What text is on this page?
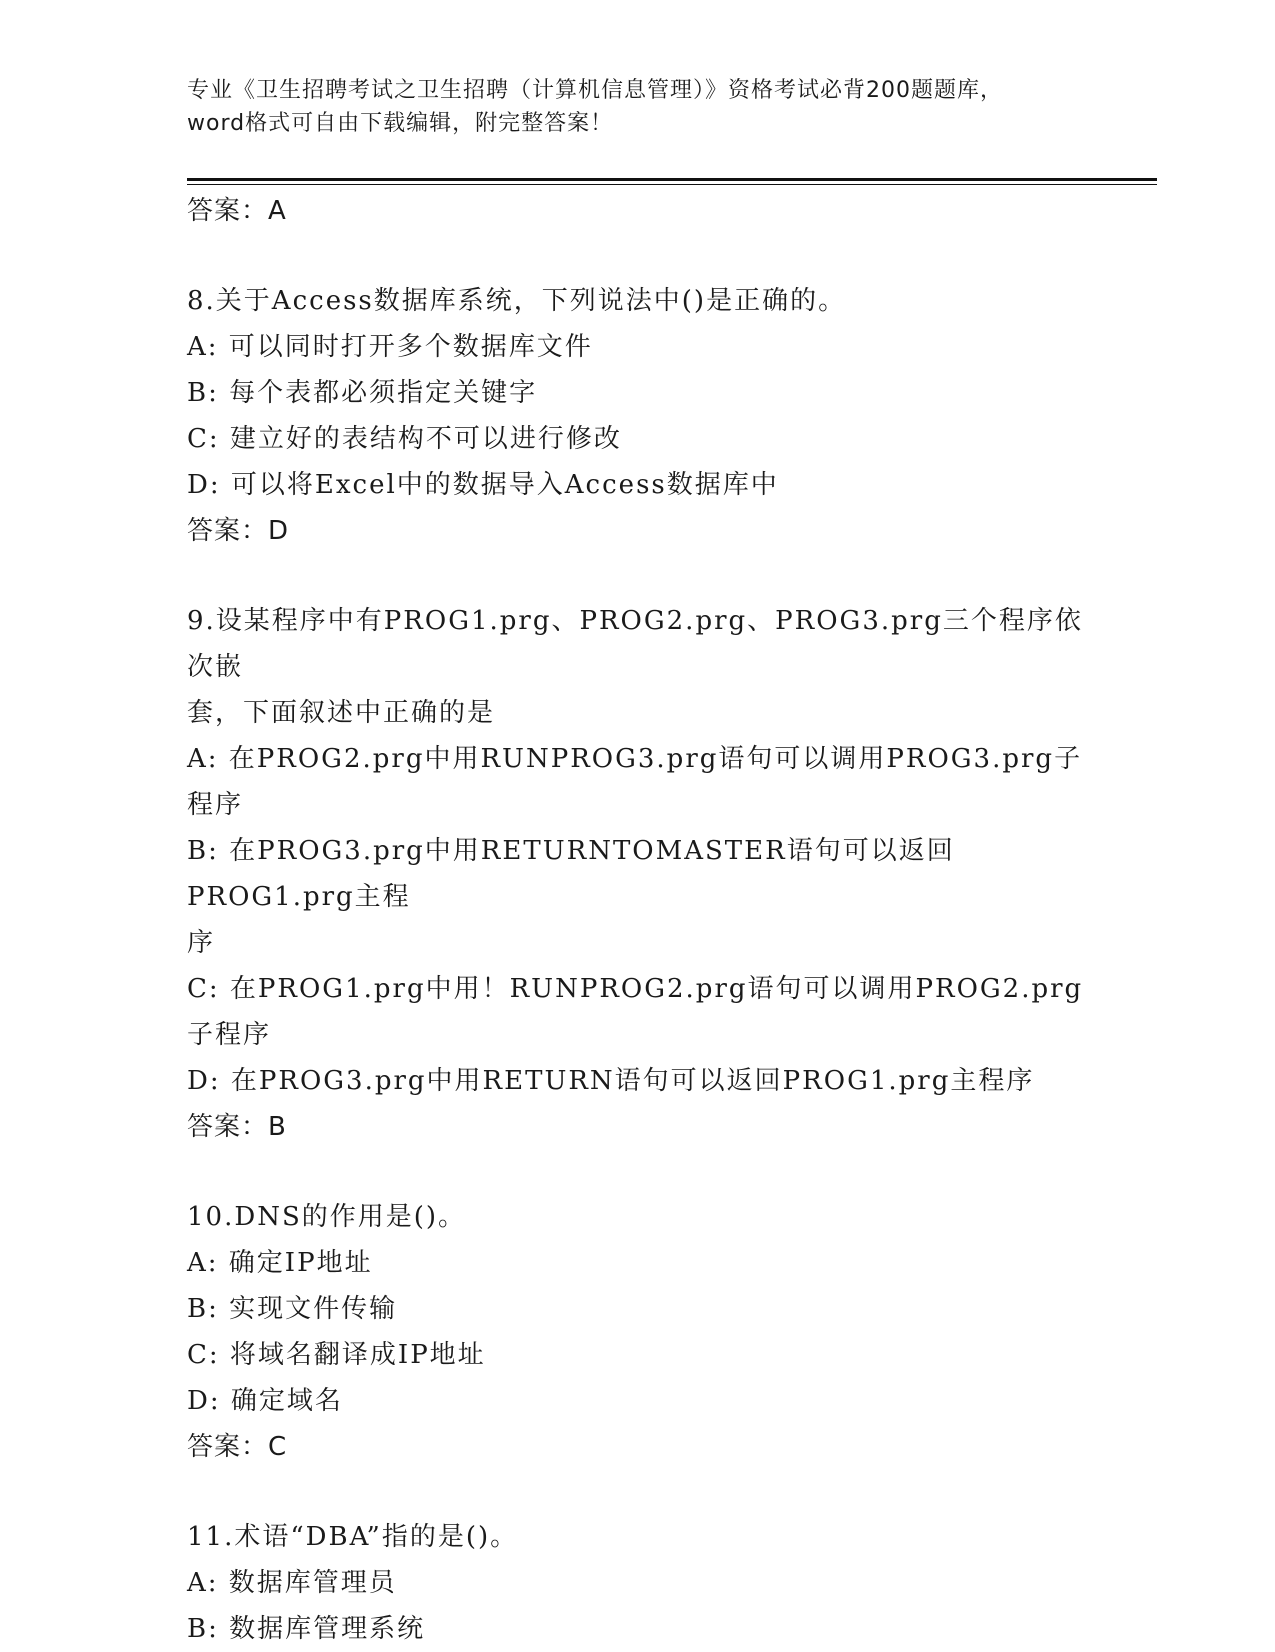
专业《卫生招聘考试之卫生招聘（计算机信息管理）》资格考试必背200题题库，
word格式可自由下载编辑，附完整答案！
答案：A

8.关于Access数据库系统，下列说法中()是正确的。

A: 可以同时打开多个数据库文件

B: 每个表都必须指定关键字

C: 建立好的表结构不可以进行修改

D: 可以将Excel中的数据导入Access数据库中

答案：D

9.设某程序中有PROG1.prg、PROG2.prg、PROG3.prg三个程序依次嵌

套，下面叙述中正确的是

A: 在PROG2.prg中用RUNPROG3.prg语句可以调用PROG3.prg子程序

B: 在PROG3.prg中用RETURNTOMASTER语句可以返回PROG1.prg主程

序

C: 在PROG1.prg中用！RUNPROG2.prg语句可以调用PROG2.prg子程序

D: 在PROG3.prg中用RETURN语句可以返回PROG1.prg主程序

答案：B

10.DNS的作用是()。

A: 确定IP地址

B: 实现文件传输

C: 将域名翻译成IP地址

D: 确定域名

答案：C

11.术语“DBA”指的是()。

A: 数据库管理员

B: 数据库管理系统
